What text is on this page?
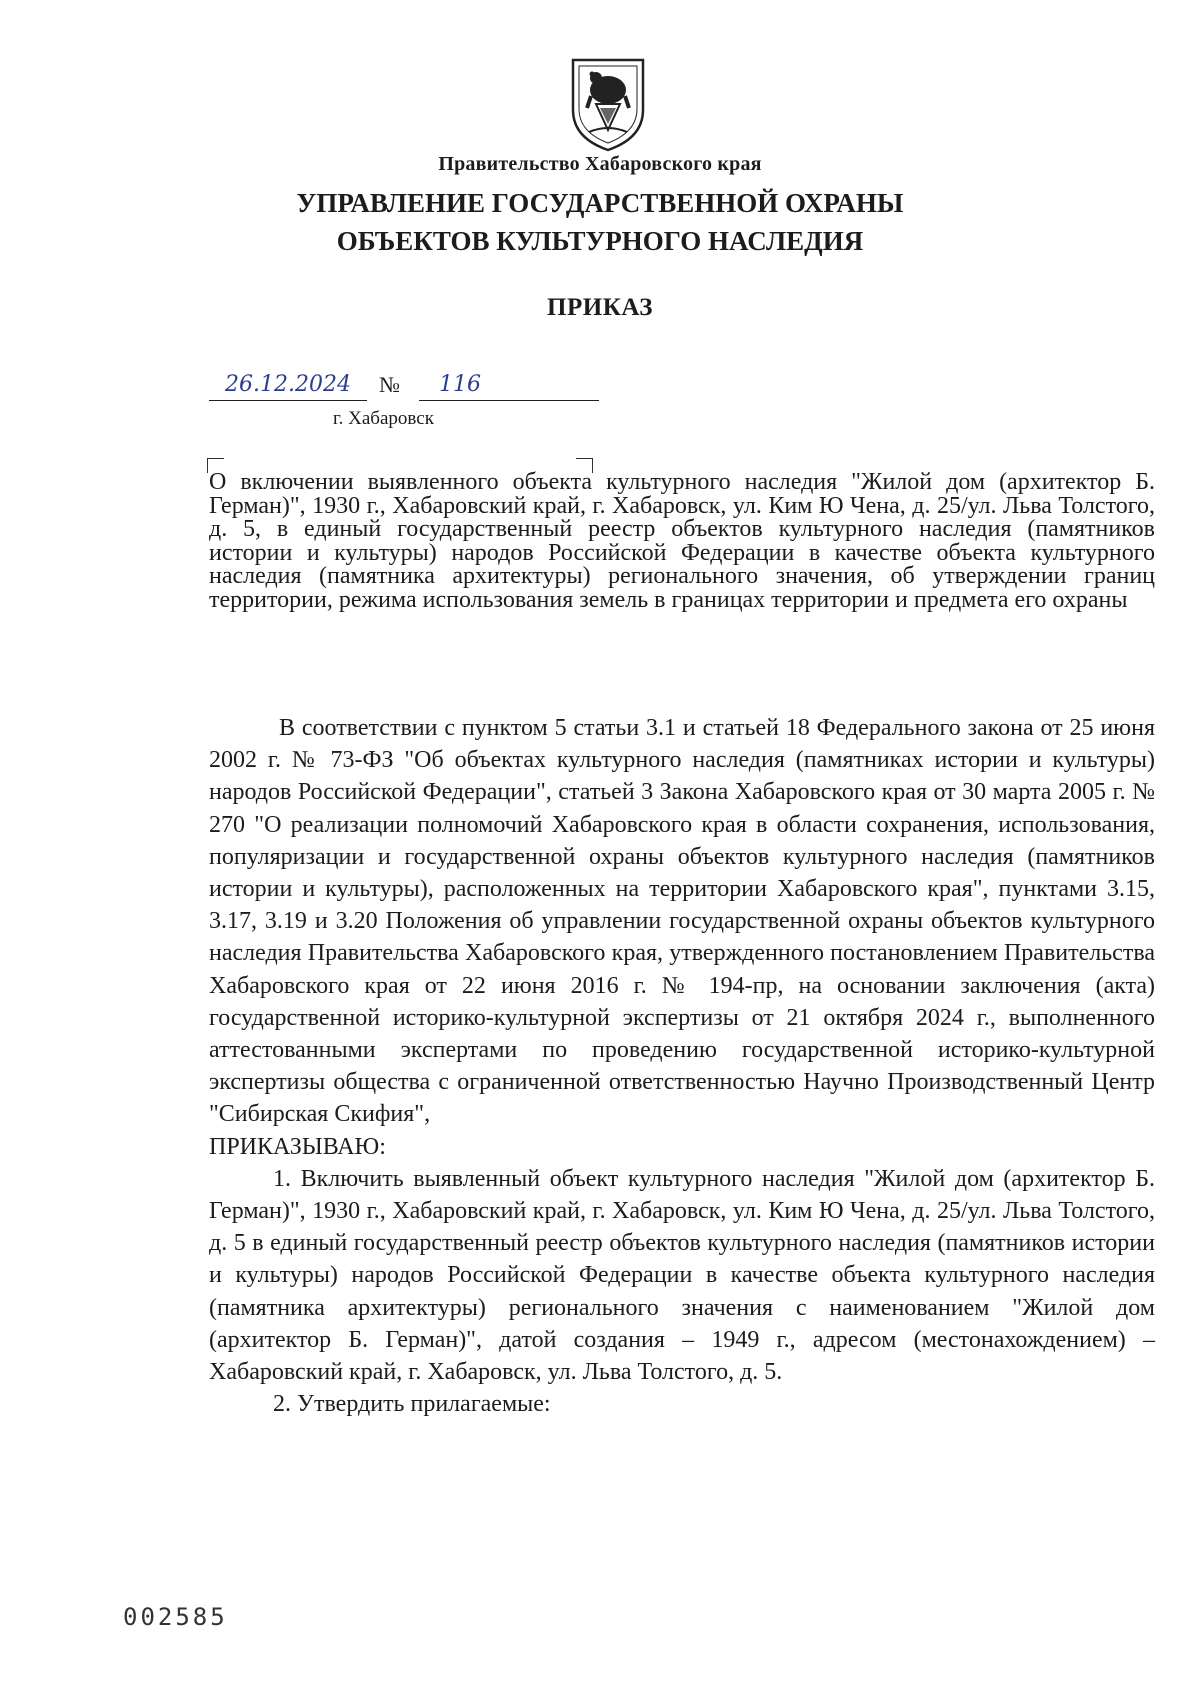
Правительство Хабаровского края
УПРАВЛЕНИЕ ГОСУДАРСТВЕННОЙ ОХРАНЫ
ОБЪЕКТОВ КУЛЬТУРНОГО НАСЛЕДИЯ
ПРИКАЗ
26.12.2024	№	116
г. Хабаровск
О включении выявленного объекта культурного наследия "Жилой дом (архитектор Б. Герман)", 1930 г., Хабаровский край, г. Хабаровск, ул. Ким Ю Чена, д. 25/ул. Льва Толстого, д. 5, в единый государственный реестр объектов культурного наследия (памятников истории и культуры) народов Российской Федерации в качестве объекта культурного наследия (памятника архитектуры) регионального значения, об утверждении границ территории, режима использования земель в границах территории и предмета его охраны

В соответствии с пунктом 5 статьи 3.1 и статьей 18 Федерального закона от 25 июня 2002 г. № 73-ФЗ "Об объектах культурного наследия (памятниках истории и культуры) народов Российской Федерации", статьей 3 Закона Хабаровского края от 30 марта 2005 г. № 270 "О реализации полномочий Хабаровского края в области сохранения, использования, популяризации и государственной охраны объектов культурного наследия (памятников истории и культуры), расположенных на территории Хабаровского края", пунктами 3.15, 3.17, 3.19 и 3.20 Положения об управлении государственной охраны объектов культурного наследия Правительства Хабаровского края, утвержденного постановлением Правительства Хабаровского края от 22 июня 2016 г. № 194-пр, на основании заключения (акта) государственной историко-культурной экспертизы от 21 октября 2024 г., выполненного аттестованными экспертами по проведению государственной историко-культурной экспертизы общества с ограниченной ответственностью Научно Производственный Центр "Сибирская Скифия",

ПРИКАЗЫВАЮ:

1. Включить выявленный объект культурного наследия "Жилой дом (архитектор Б. Герман)", 1930 г., Хабаровский край, г. Хабаровск, ул. Ким Ю Чена, д. 25/ул. Льва Толстого, д. 5 в единый государственный реестр объектов культурного наследия (памятников истории и культуры) народов Российской Федерации в качестве объекта культурного наследия (памятника архитектуры) регионального значения с наименованием "Жилой дом (архитектор Б. Герман)", датой создания – 1949 г., адресом (местонахождением) – Хабаровский край, г. Хабаровск, ул. Льва Толстого, д. 5.

2. Утвердить прилагаемые:

002585
